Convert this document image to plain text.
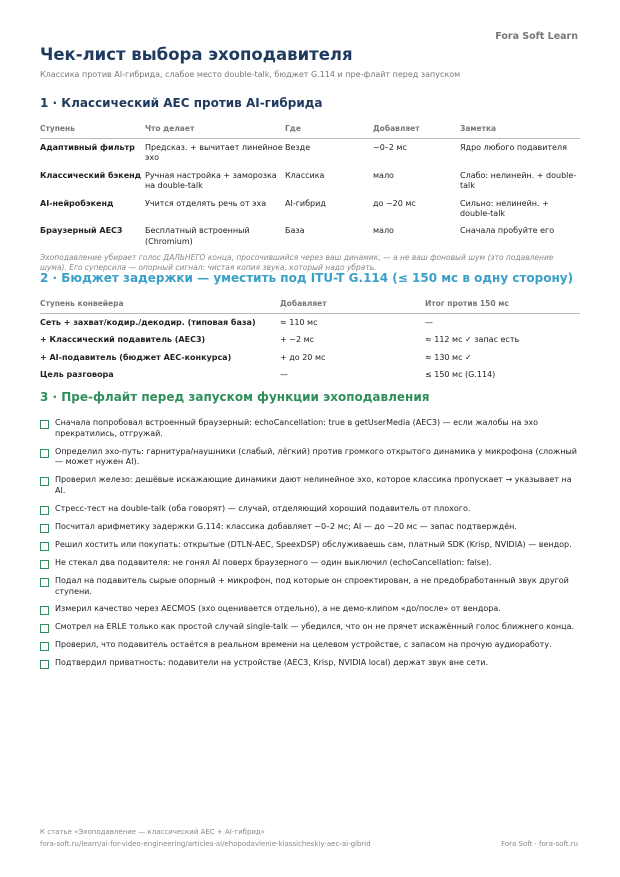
Fora Soft Learn
Чек-лист выбора эхоподавителя
Классика против AI-гибрида, слабое место double-talk, бюджет G.114 и пре-флайт перед запуском
1 · Классический AEC против AI-гибрида
Ступень	Что делает	Где	Добавляет	Заметка
Адаптивный фильтр	Предсказ. + вычитает линейное эхо	Везде	~0–2 мс	Ядро любого подавителя
Классический бэкенд	Ручная настройка + заморозка на double-talk	Классика	мало	Слабо: нелинейн. + double-talk
AI-нейробэкенд	Учится отделять речь от эха	AI-гибрид	до ~20 мс	Сильно: нелинейн. + double-talk
Браузерный AEC3	Бесплатный встроенный (Chromium)	База	мало	Сначала пробуйте его
Эхоподавление убирает голос ДАЛЬНЕГО конца, просочившийся через ваш динамик, — а не ваш фоновый шум (это подавление шума). Его суперсила — опорный сигнал: чистая копия звука, который надо убрать.
2 · Бюджет задержки — уместить под ITU-T G.114 (≤ 150 мс в одну сторону)
Ступень конвейера	Добавляет	Итог против 150 мс
Сеть + захват/кодир./декодир. (типовая база)	≈ 110 мс	—
+ Классический подавитель (AEC3)	+ ~2 мс	≈ 112 мс ✓ запас есть
+ AI-подавитель (бюджет AEC-конкурса)	+ до 20 мс	≈ 130 мс ✓
Цель разговора	—	≤ 150 мс (G.114)
3 · Пре-флайт перед запуском функции эхоподавления
Сначала попробовал встроенный браузерный: echoCancellation: true в getUserMedia (AEC3) — если жалобы на эхо прекратились, отгружай.
Определил эхо-путь: гарнитура/наушники (слабый, лёгкий) против громкого открытого динамика у микрофона (сложный — может нужен AI).
Проверил железо: дешёвые искажающие динамики дают нелинейное эхо, которое классика пропускает → указывает на AI.
Стресс-тест на double-talk (оба говорят) — случай, отделяющий хороший подавитель от плохого.
Посчитал арифметику задержки G.114: классика добавляет ~0–2 мс; AI — до ~20 мс — запас подтверждён.
Решил хостить или покупать: открытые (DTLN-AEC, SpeexDSP) обслуживаешь сам, платный SDK (Krisp, NVIDIA) — вендор.
Не стекал два подавителя: не гонял AI поверх браузерного — один выключил (echoCancellation: false).
Подал на подавитель сырые опорный + микрофон, под которые он спроектирован, а не предобработанный звук другой ступени.
Измерил качество через AECMOS (эхо оценивается отдельно), а не демо-клипом «до/после» от вендора.
Смотрел на ERLE только как простой случай single-talk — убедился, что он не прячет искажённый голос ближнего конца.
Проверил, что подавитель остаётся в реальном времени на целевом устройстве, с запасом на прочую аудиоработу.
Подтвердил приватность: подавители на устройстве (AEC3, Krisp, NVIDIA local) держат звук вне сети.
К статье «Эхоподавление — классический AEC + AI-гибрид»
fora-soft.ru/learn/ai-for-video-engineering/articles-ai/ehopodavlenie-klassicheskiy-aec-ai-gibrid	Fora Soft · fora-soft.ru
